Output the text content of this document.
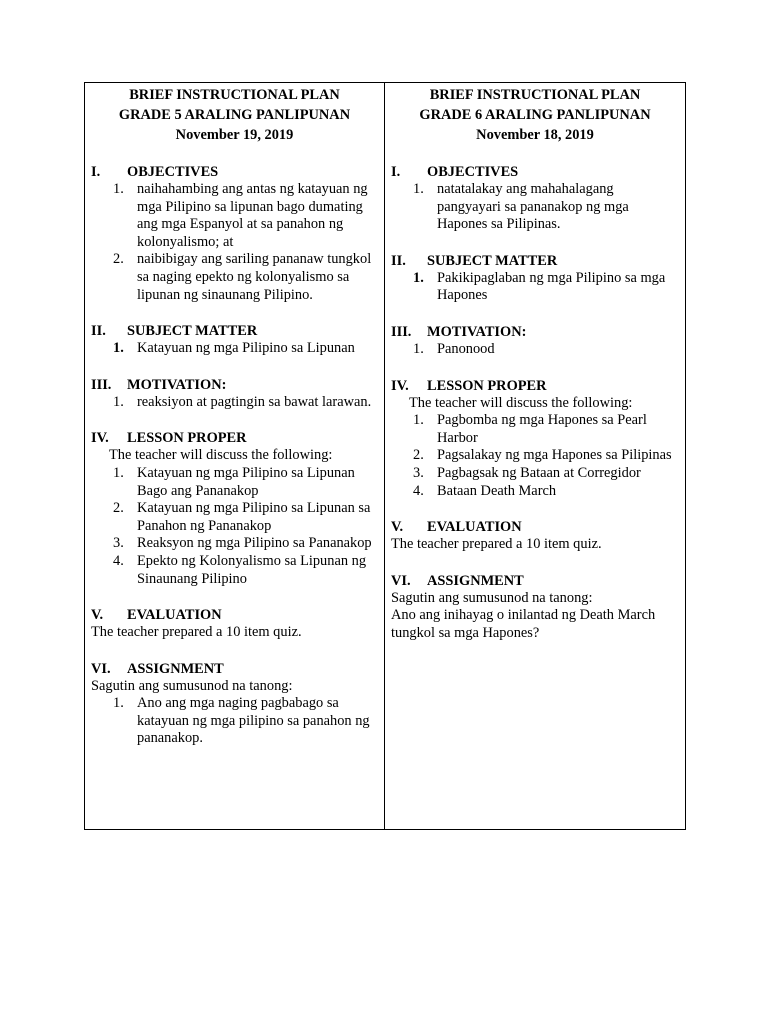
BRIEF INSTRUCTIONAL PLAN
GRADE 5 ARALING PANLIPUNAN
November 19, 2019
I.	OBJECTIVES
1. naihahambing ang antas ng katayuan ng mga Pilipino sa lipunan bago dumating ang mga Espanyol at sa panahon ng kolonyalismo; at
2. naibibigay ang sariling pananaw tungkol sa naging epekto ng kolonyalismo sa lipunan ng sinaunang Pilipino.
II.	SUBJECT MATTER
1. Katayuan ng mga Pilipino sa Lipunan
III.	MOTIVATION:
1. reaksiyon at pagtingin sa bawat larawan.
IV.	LESSON PROPER
The teacher will discuss the following:
1. Katayuan ng mga Pilipino sa Lipunan Bago ang Pananakop
2. Katayuan ng mga Pilipino sa Lipunan sa Panahon ng Pananakop
3. Reaksyon ng mga Pilipino sa Pananakop
4. Epekto ng Kolonyalismo sa Lipunan ng Sinaunang Pilipino
V.	EVALUATION
The teacher prepared a 10 item quiz.
VI.	ASSIGNMENT
Sagutin ang sumusunod na tanong:
1. Ano ang mga naging pagbabago sa katayuan ng mga pilipino sa panahon ng pananakop.
BRIEF INSTRUCTIONAL PLAN
GRADE 6 ARALING PANLIPUNAN
November 18, 2019
I.	OBJECTIVES
1. natatalakay ang mahahalagang pangyayari sa pananakop ng mga Hapones sa Pilipinas.
II.	SUBJECT MATTER
1. Pakikipaglaban ng mga Pilipino sa mga Hapones
III.	MOTIVATION:
1. Panonood
IV.	LESSON PROPER
The teacher will discuss the following:
1. Pagbomba ng mga Hapones sa Pearl Harbor
2. Pagsalakay ng mga Hapones sa Pilipinas
3. Pagbagsak ng Bataan at Corregidor
4. Bataan Death March
V.	EVALUATION
The teacher prepared a 10 item quiz.
VI.	ASSIGNMENT
Sagutin ang sumusunod na tanong:
Ano ang inihayag o inilantad ng Death March tungkol sa mga Hapones?
